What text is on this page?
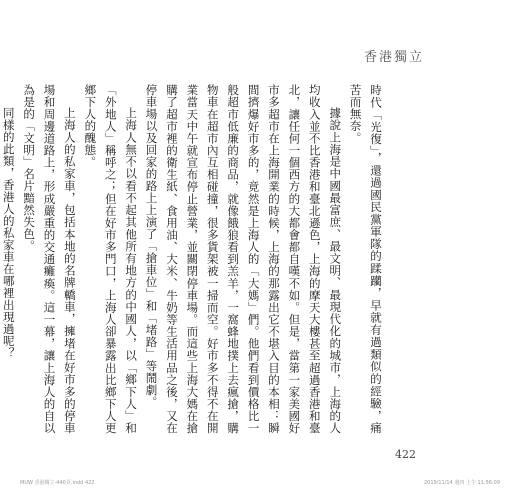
香港獨立

時代「光復」，還過國民黨軍隊的蹂躪，早就有過類似的經驗，痛苦而無奈。

據說上海是中國最富庶、最文明、最現代化的城市，上海的人均收入並不比香港和臺北遜色，上海的摩天大樓甚至超過香港和臺北，讓任何一個西方的大都會都自嘆不如。但是，當第一家美國好市多超市在上海開業的時候，上海的那露出它不堪入目的本相：瞬間擠爆好市多的，竟然是上海人的「大媽」們。他們看到價格比一般超市低廉的商品，就像餓狼看到羔羊，一窩蜂地撲上去瘋搶，購物車在超市內互相碰撞，很多貨架被一掃而空。好市多不得不在開業當天中午就宣布停止營業，並關閉停車場。而這些上海大媽在搶購了超市裡的衛生紙、食用油、大米、牛奶等生活用品之後，又在停車場以及回家的路上上演了「搶車位」和「堵路」等鬧劇。

上海人無不以看不起其他所有地方的中國人，以「鄉下人」和「外地人」稱呼之；但在好市多門口，上海人卻暴露出比鄉下人更鄉下人的醜態。

上海人的私家車，包括本地的名牌轎車，擁堵在好市多的停車場和周邊道路上，形成嚴重的交通癱瘓。這一幕，讓上海人的自以為是的「文明」名片黯然失色。

同樣的此類，香港人的私家車在哪裡出現過呢？

422
MUW 香港獨立-440頁.indd 422	2019/11/14 週四 上午 11:56:09
